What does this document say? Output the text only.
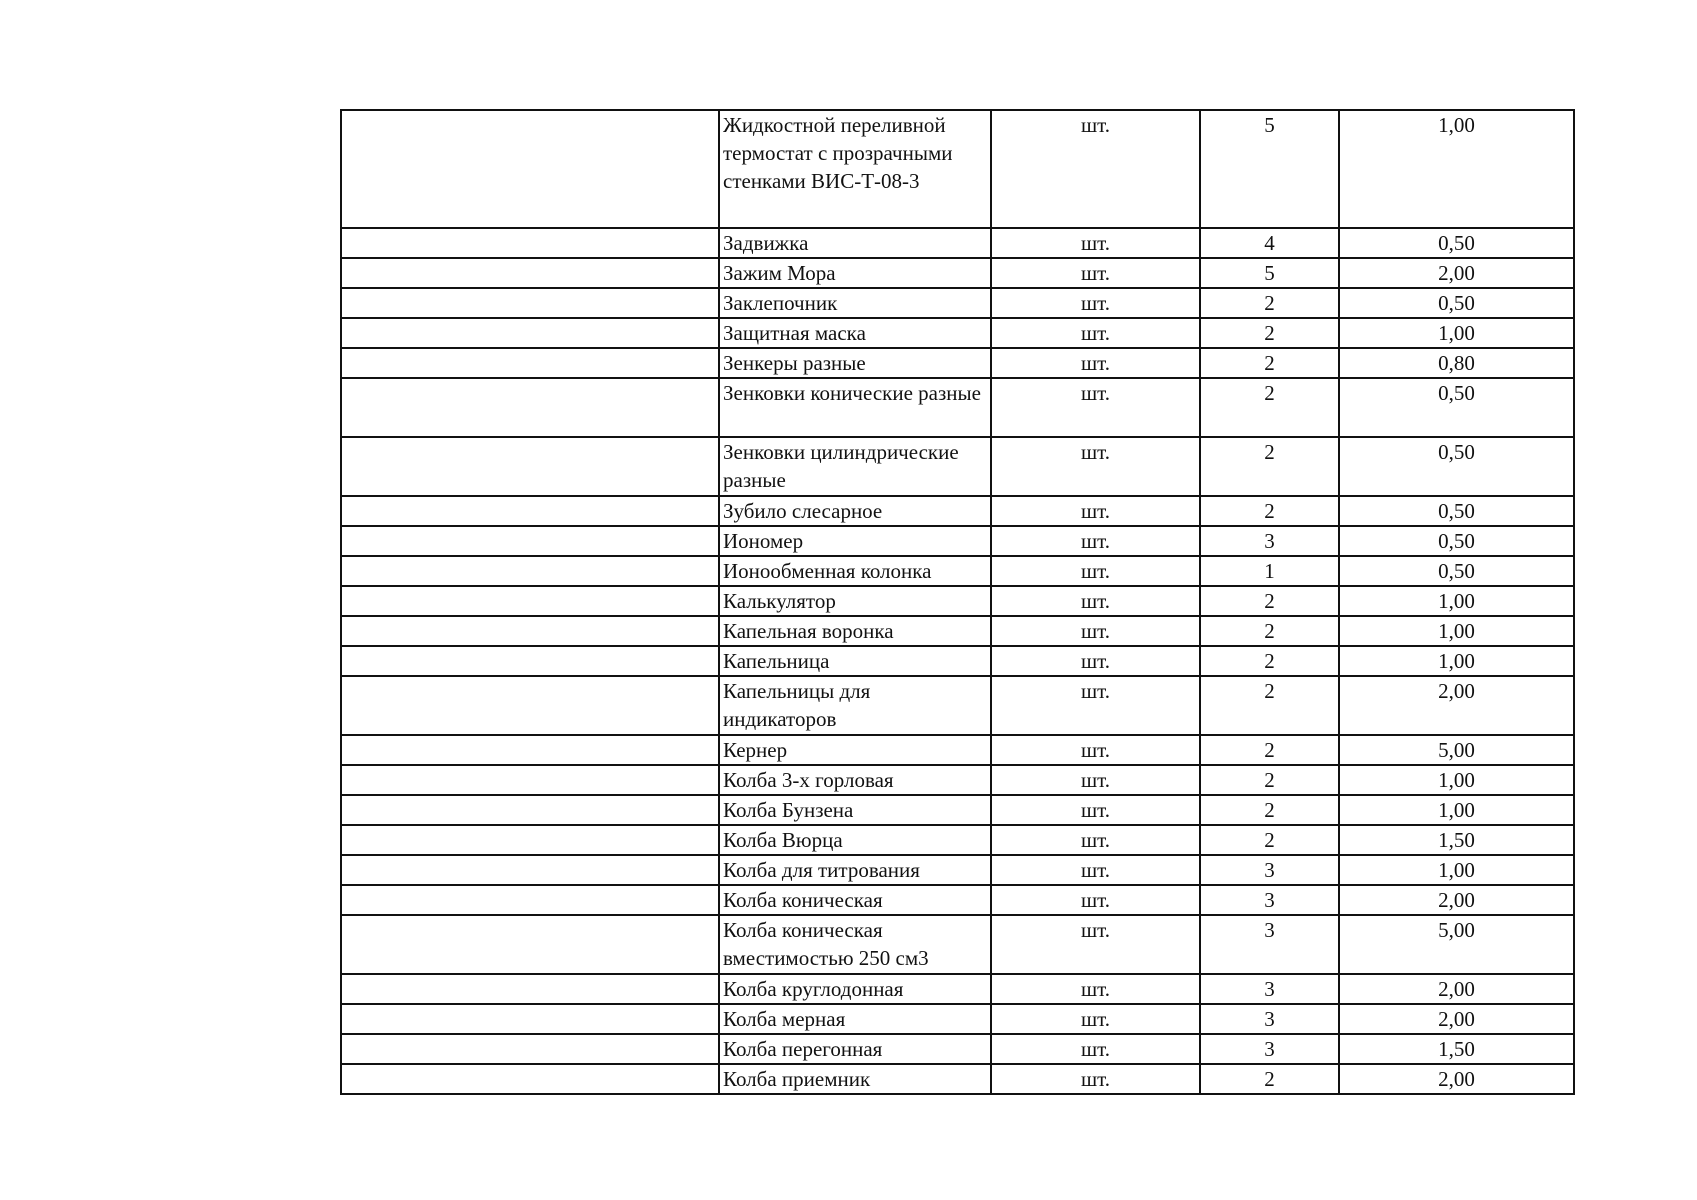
	Жидкостной переливной термостат с прозрачными стенками ВИС-Т-08-3	шт.	5	1,00
	Задвижка	шт.	4	0,50
	Зажим Мора	шт.	5	2,00
	Заклепочник	шт.	2	0,50
	Защитная маска	шт.	2	1,00
	Зенкеры разные	шт.	2	0,80
	Зенковки конические разные	шт.	2	0,50
	Зенковки цилиндрические разные	шт.	2	0,50
	Зубило слесарное	шт.	2	0,50
	Иономер	шт.	3	0,50
	Ионообменная колонка	шт.	1	0,50
	Калькулятор	шт.	2	1,00
	Капельная воронка	шт.	2	1,00
	Капельница	шт.	2	1,00
	Капельницы для индикаторов	шт.	2	2,00
	Кернер	шт.	2	5,00
	Колба 3-х горловая	шт.	2	1,00
	Колба Бунзена	шт.	2	1,00
	Колба Вюрца	шт.	2	1,50
	Колба для титрования	шт.	3	1,00
	Колба коническая	шт.	3	2,00
	Колба коническая вместимостью 250 см3	шт.	3	5,00
	Колба круглодонная	шт.	3	2,00
	Колба мерная	шт.	3	2,00
	Колба перегонная	шт.	3	1,50
	Колба приемник	шт.	2	2,00
